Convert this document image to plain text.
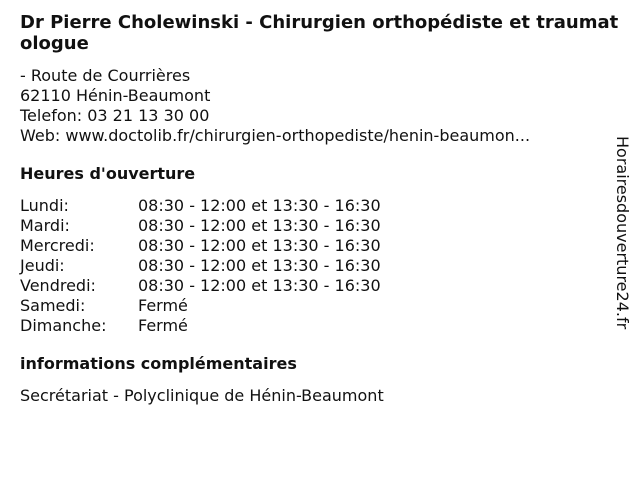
Dr Pierre Cholewinski - Chirurgien orthopédiste et traumatologue
- Route de Courrières
62110 Hénin-Beaumont
Telefon: 03 21 13 30 00
Web: www.doctolib.fr/chirurgien-orthopediste/henin-beaumon...
Heures d'ouverture
Lundi:	08:30 - 12:00 et 13:30 - 16:30
Mardi:	08:30 - 12:00 et 13:30 - 16:30
Mercredi:	08:30 - 12:00 et 13:30 - 16:30
Jeudi:	08:30 - 12:00 et 13:30 - 16:30
Vendredi:	08:30 - 12:00 et 13:30 - 16:30
Samedi:	Fermé
Dimanche:	Fermé
informations complémentaires
Secrétariat - Polyclinique de Hénin-Beaumont
Horairesdouverture24.fr
